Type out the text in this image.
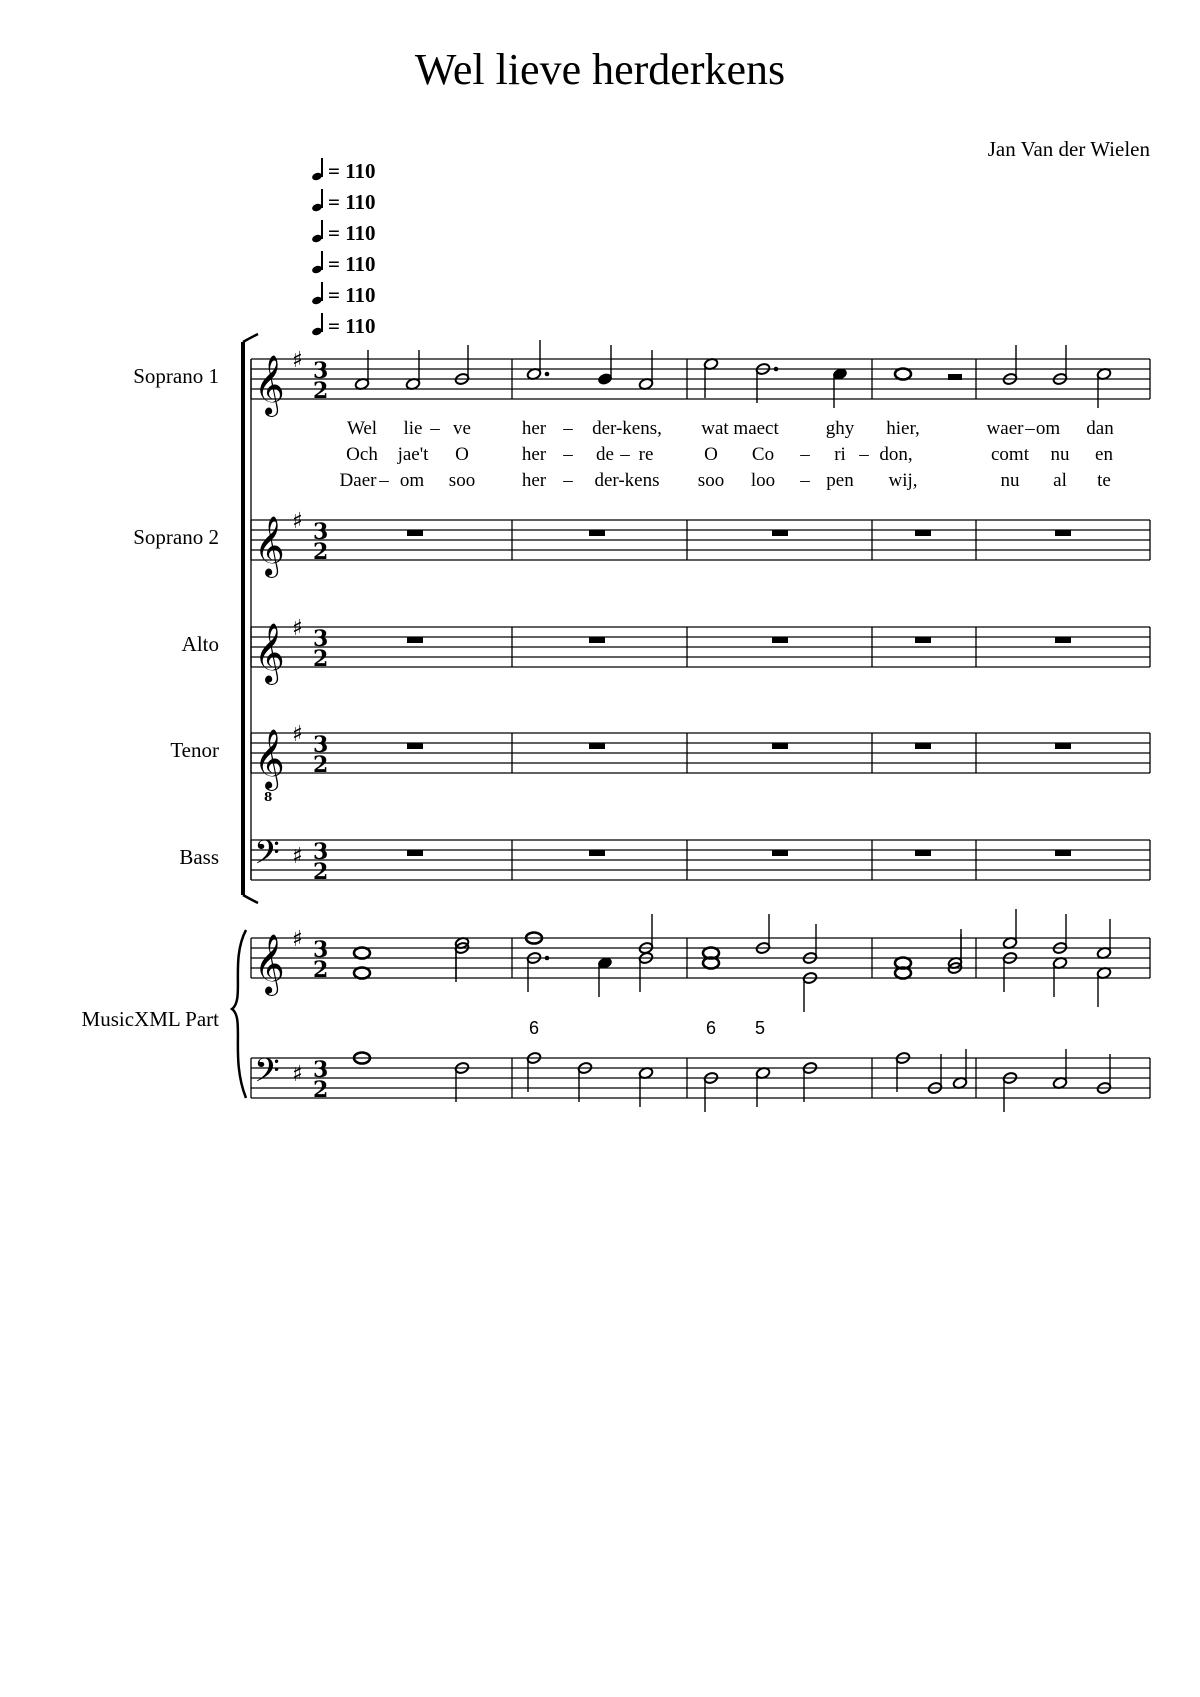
Wel lieve herderkens
Jan Van der Wielen
= 110
= 110
= 110
= 110
= 110
= 110
Soprano 1
Soprano 2
Alto
Tenor
Bass
MusicXML Part
Wel lie – ve	her – der-kens, wat maect ghy hier,	waer – om dan
Och jae't O	her – de – re	O Co – ri – don,	comt nu en
Daer – om soo her – der-kens soo loo – pen wij,	nu al te
6	6 5
𝄞 ♯ 3
2
𝄞 ♯ 3
2
𝄞 ♯ 3
2
𝄞
8
♯ 3
2
𝄢 ♯ 3
2
𝄞 ♯ 3
2
𝄢 ♯ 3
2
